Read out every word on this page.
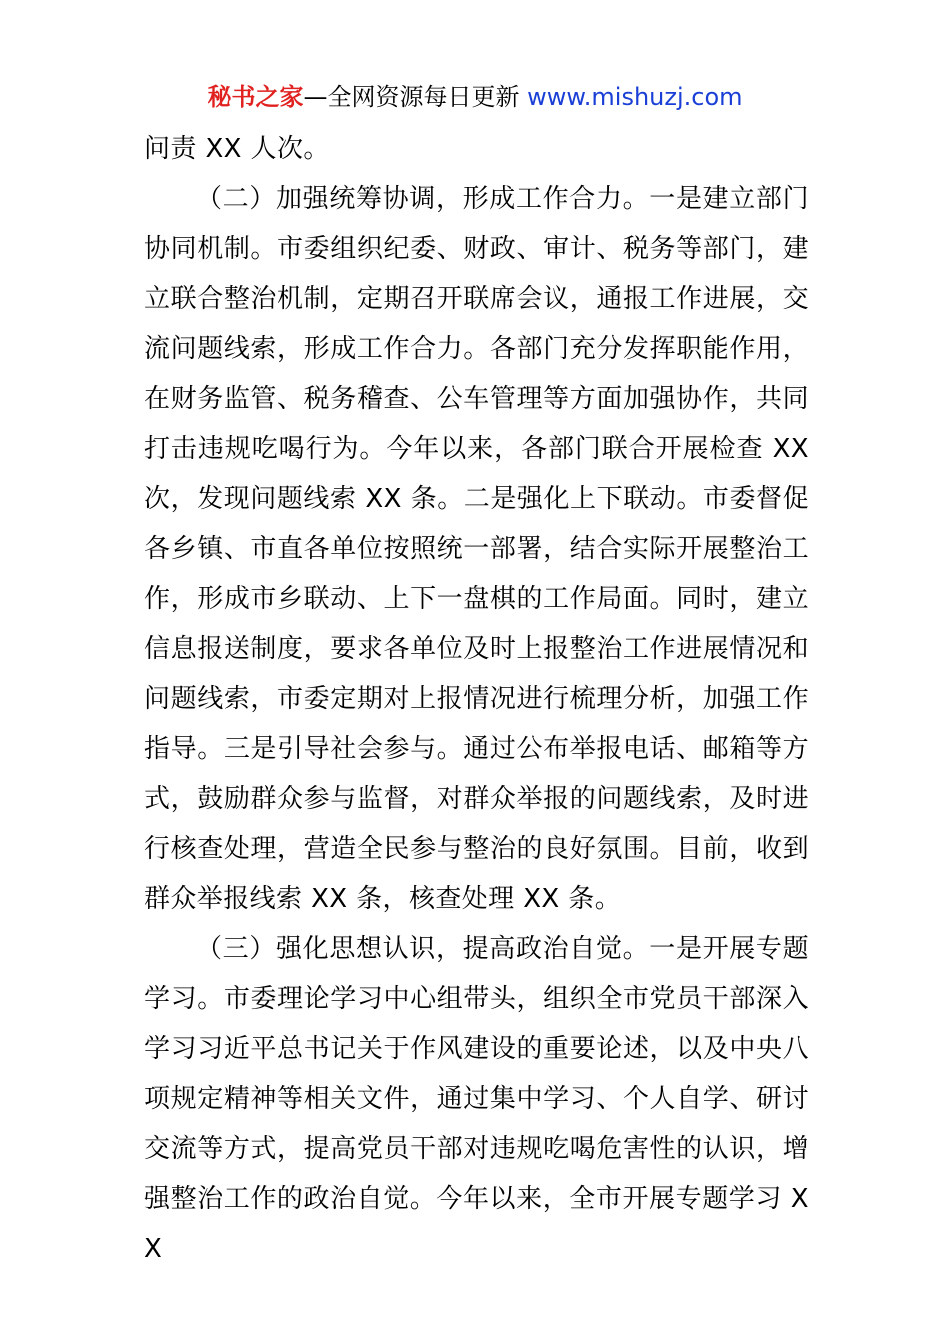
秘书之家—全网资源每日更新 www.mishuzj.com

问责 XX 人次。

（二）加强统筹协调，形成工作合力。一是建立部门协同机制。市委组织纪委、财政、审计、税务等部门，建立联合整治机制，定期召开联席会议，通报工作进展，交流问题线索，形成工作合力。各部门充分发挥职能作用，在财务监管、税务稽查、公车管理等方面加强协作，共同打击违规吃喝行为。今年以来，各部门联合开展检查 XX 次，发现问题线索 XX 条。二是强化上下联动。市委督促各乡镇、市直各单位按照统一部署，结合实际开展整治工作，形成市乡联动、上下一盘棋的工作局面。同时，建立信息报送制度，要求各单位及时上报整治工作进展情况和问题线索，市委定期对上报情况进行梳理分析，加强工作指导。三是引导社会参与。通过公布举报电话、邮箱等方式，鼓励群众参与监督，对群众举报的问题线索，及时进行核查处理，营造全民参与整治的良好氛围。目前，收到群众举报线索 XX 条，核查处理 XX 条。

（三）强化思想认识，提高政治自觉。一是开展专题学习。市委理论学习中心组带头，组织全市党员干部深入学习习近平总书记关于作风建设的重要论述，以及中央八项规定精神等相关文件，通过集中学习、个人自学、研讨交流等方式，提高党员干部对违规吃喝危害性的认识，增强整治工作的政治自觉。今年以来，全市开展专题学习 XX
